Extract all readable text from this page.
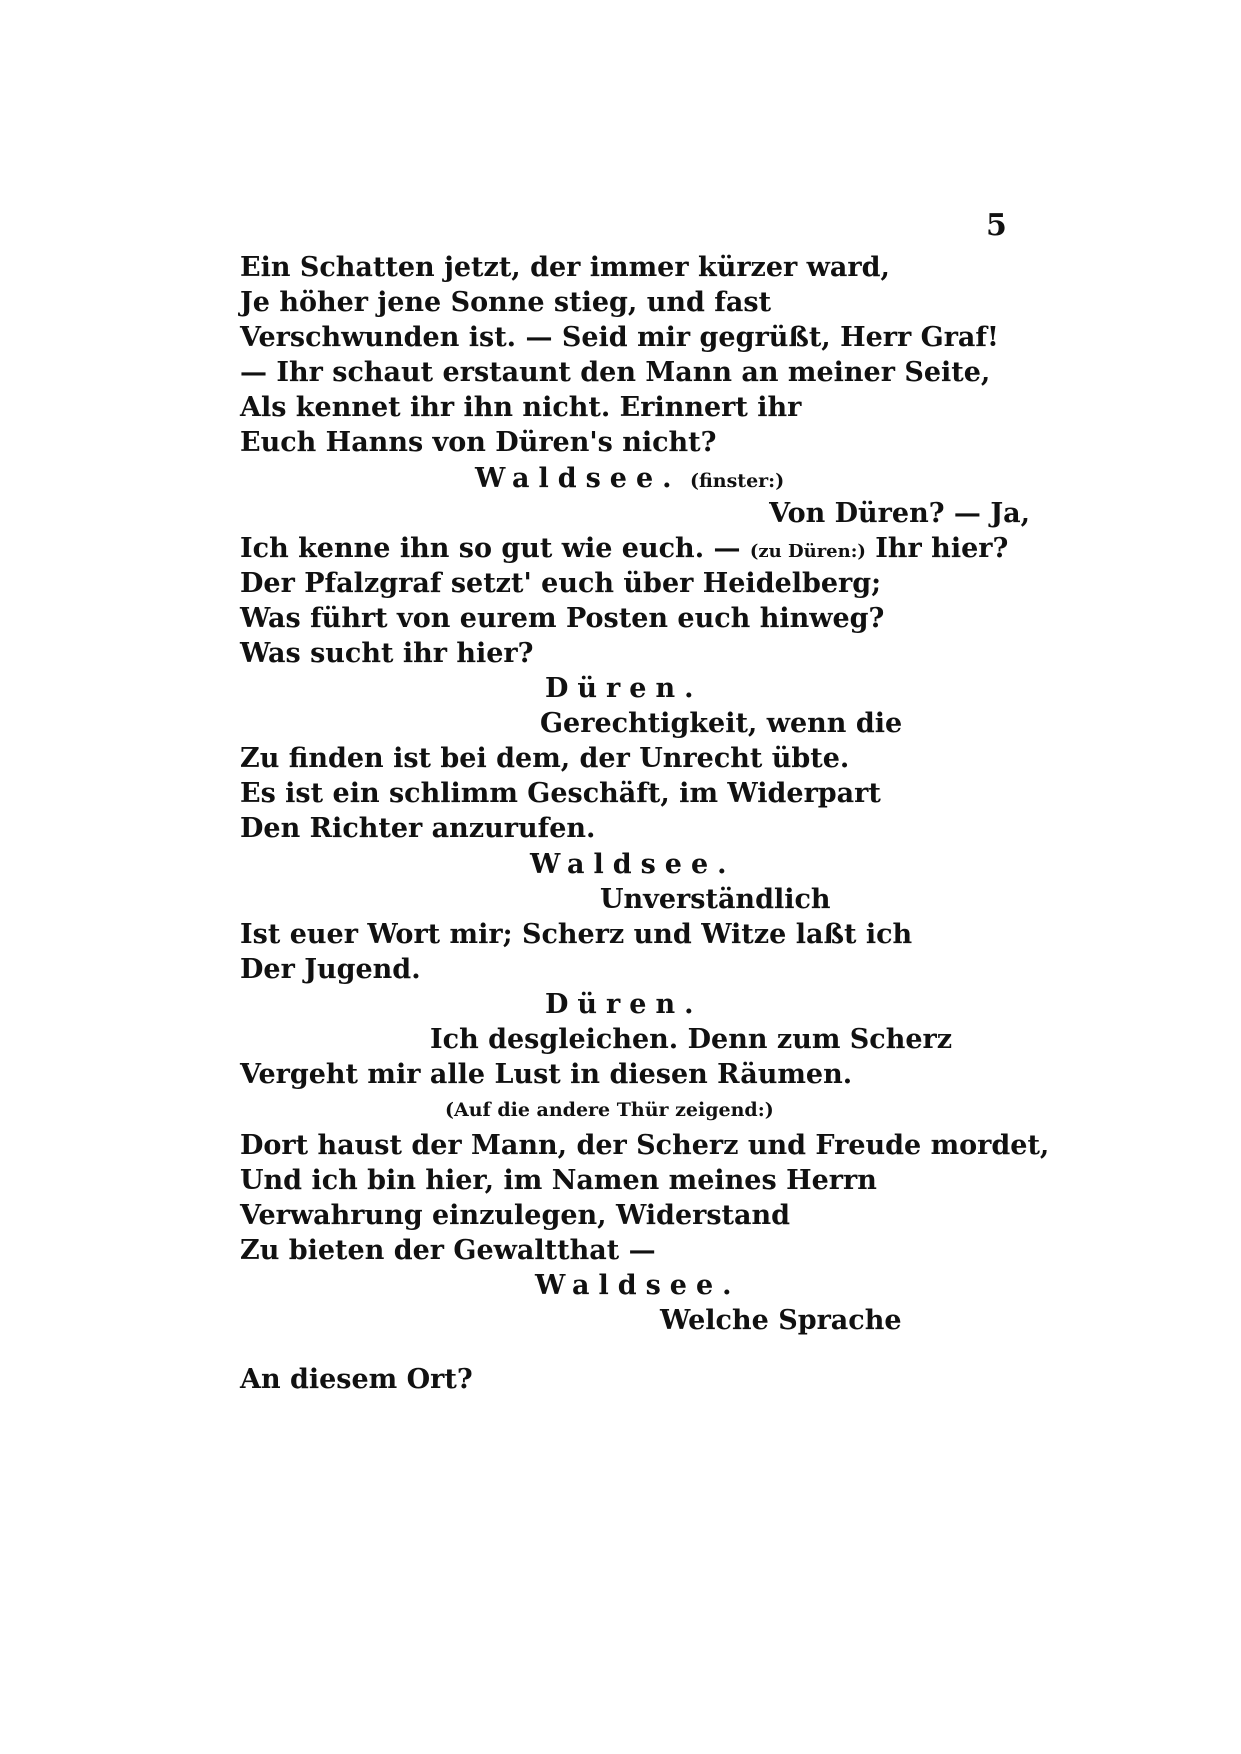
5
Ein Schatten jetzt, der immer kürzer ward,
Je höher jene Sonne stieg, und fast
Verschwunden ist. — Seid mir gegrüßt, Herr Graf!
— Ihr schaut erstaunt den Mann an meiner Seite,
Als kennet ihr ihn nicht. Erinnert ihr
Euch Hanns von Düren's nicht?
Waldsee. (finster:)
Von Düren? — Ja,
Ich kenne ihn so gut wie euch. — (zu Düren:) Ihr hier?
Der Pfalzgraf setzt' euch über Heidelberg;
Was führt von eurem Posten euch hinweg?
Was sucht ihr hier?
Düren.
Gerechtigkeit, wenn die
Zu finden ist bei dem, der Unrecht übte.
Es ist ein schlimm Geschäft, im Widerpart
Den Richter anzurufen.
Waldsee.
Unverständlich
Ist euer Wort mir; Scherz und Witze laßt ich
Der Jugend.
Düren.
Ich desgleichen. Denn zum Scherz
Vergeht mir alle Lust in diesen Räumen.
(Auf die andere Thür zeigend:)
Dort haust der Mann, der Scherz und Freude mordet,
Und ich bin hier, im Namen meines Herrn
Verwahrung einzulegen, Widerstand
Zu bieten der Gewaltthat —
Waldsee.
Welche Sprache
An diesem Ort?
